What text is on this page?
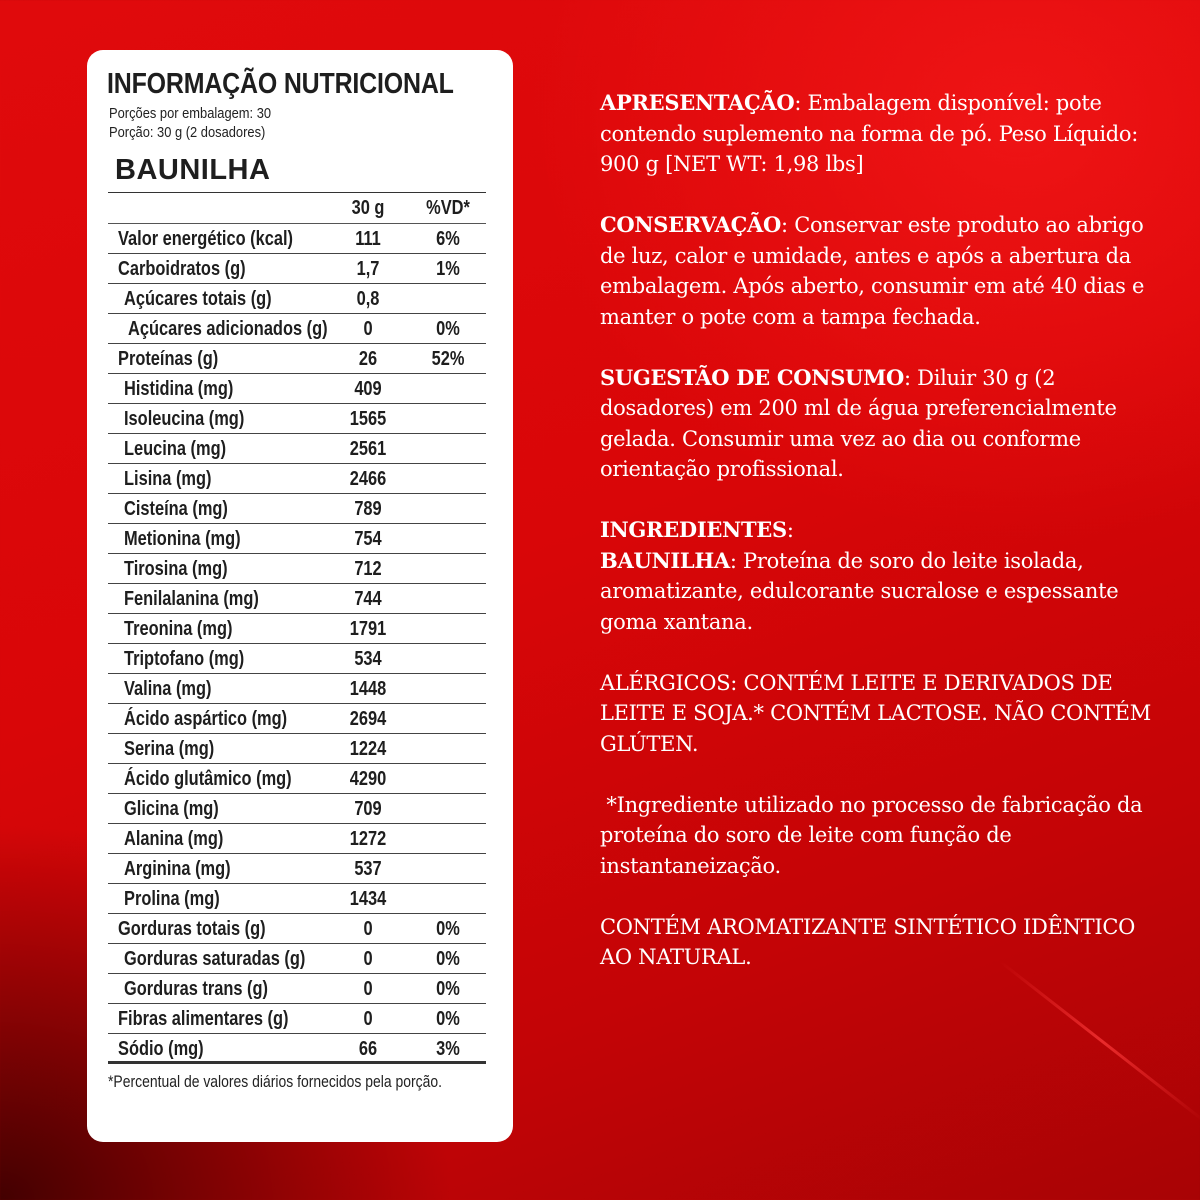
INFORMAÇÃO NUTRICIONAL
Porções por embalagem: 30
Porção: 30 g (2 dosadores)
BAUNILHA
30 g	%VD*
Valor energético (kcal)	111	6%
Carboidratos (g)	1,7	1%
Açúcares totais (g)	0,8
Açúcares adicionados (g)	0	0%
Proteínas (g)	26	52%
Histidina (mg)	409
Isoleucina (mg)	1565
Leucina (mg)	2561
Lisina (mg)	2466
Cisteína (mg)	789
Metionina (mg)	754
Tirosina (mg)	712
Fenilalanina (mg)	744
Treonina (mg)	1791
Triptofano (mg)	534
Valina (mg)	1448
Ácido aspártico (mg)	2694
Serina (mg)	1224
Ácido glutâmico (mg)	4290
Glicina (mg)	709
Alanina (mg)	1272
Arginina (mg)	537
Prolina (mg)	1434
Gorduras totais (g)	0	0%
Gorduras saturadas (g)	0	0%
Gorduras trans (g)	0	0%
Fibras alimentares (g)	0	0%
Sódio (mg)	66	3%
*Percentual de valores diários fornecidos pela porção.

APRESENTAÇÃO: Embalagem disponível: pote contendo suplemento na forma de pó. Peso Líquido: 900 g [NET WT: 1,98 lbs]

CONSERVAÇÃO: Conservar este produto ao abrigo de luz, calor e umidade, antes e após a abertura da embalagem. Após aberto, consumir em até 40 dias e manter o pote com a tampa fechada.

SUGESTÃO DE CONSUMO: Diluir 30 g (2 dosadores) em 200 ml de água preferencialmente gelada. Consumir uma vez ao dia ou conforme orientação profissional.

INGREDIENTES:

BAUNILHA: Proteína de soro do leite isolada, aromatizante, edulcorante sucralose e espessante goma xantana.

ALÉRGICOS: CONTÉM LEITE E DERIVADOS DE LEITE E SOJA.* CONTÉM LACTOSE. NÃO CONTÉM GLÚTEN.

*Ingrediente utilizado no processo de fabricação da proteína do soro de leite com função de instantaneização.

CONTÉM AROMATIZANTE SINTÉTICO IDÊNTICO AO NATURAL.
